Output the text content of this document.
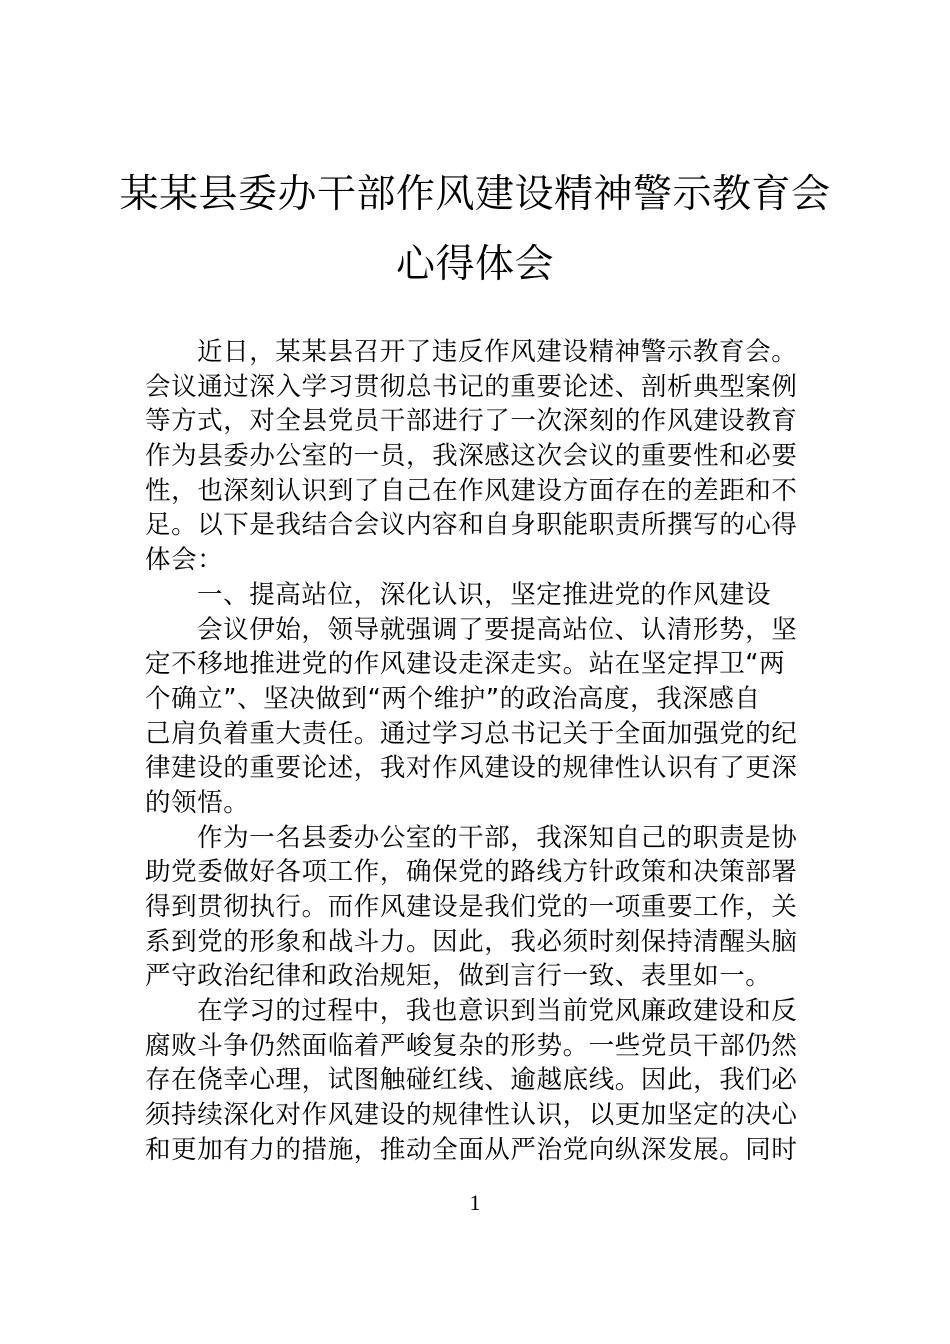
某某县委办干部作风建设精神警示教育会
心得体会
近日，某某县召开了违反作风建设精神警示教育会。
会议通过深入学习贯彻总书记的重要论述、剖析典型案例
等方式，对全县党员干部进行了一次深刻的作风建设教育
作为县委办公室的一员，我深感这次会议的重要性和必要
性，也深刻认识到了自己在作风建设方面存在的差距和不
足。以下是我结合会议内容和自身职能职责所撰写的心得
体会：
一、提高站位，深化认识，坚定推进党的作风建设
会议伊始，领导就强调了要提高站位、认清形势，坚
定不移地推进党的作风建设走深走实。站在坚定捍卫“两
个确立”、坚决做到“两个维护”的政治高度，我深感自
己肩负着重大责任。通过学习总书记关于全面加强党的纪
律建设的重要论述，我对作风建设的规律性认识有了更深
的领悟。
作为一名县委办公室的干部，我深知自己的职责是协
助党委做好各项工作，确保党的路线方针政策和决策部署
得到贯彻执行。而作风建设是我们党的一项重要工作，关
系到党的形象和战斗力。因此，我必须时刻保持清醒头脑
严守政治纪律和政治规矩，做到言行一致、表里如一。
在学习的过程中，我也意识到当前党风廉政建设和反
腐败斗争仍然面临着严峻复杂的形势。一些党员干部仍然
存在侥幸心理，试图触碰红线、逾越底线。因此，我们必
须持续深化对作风建设的规律性认识，以更加坚定的决心
和更加有力的措施，推动全面从严治党向纵深发展。同时
1
